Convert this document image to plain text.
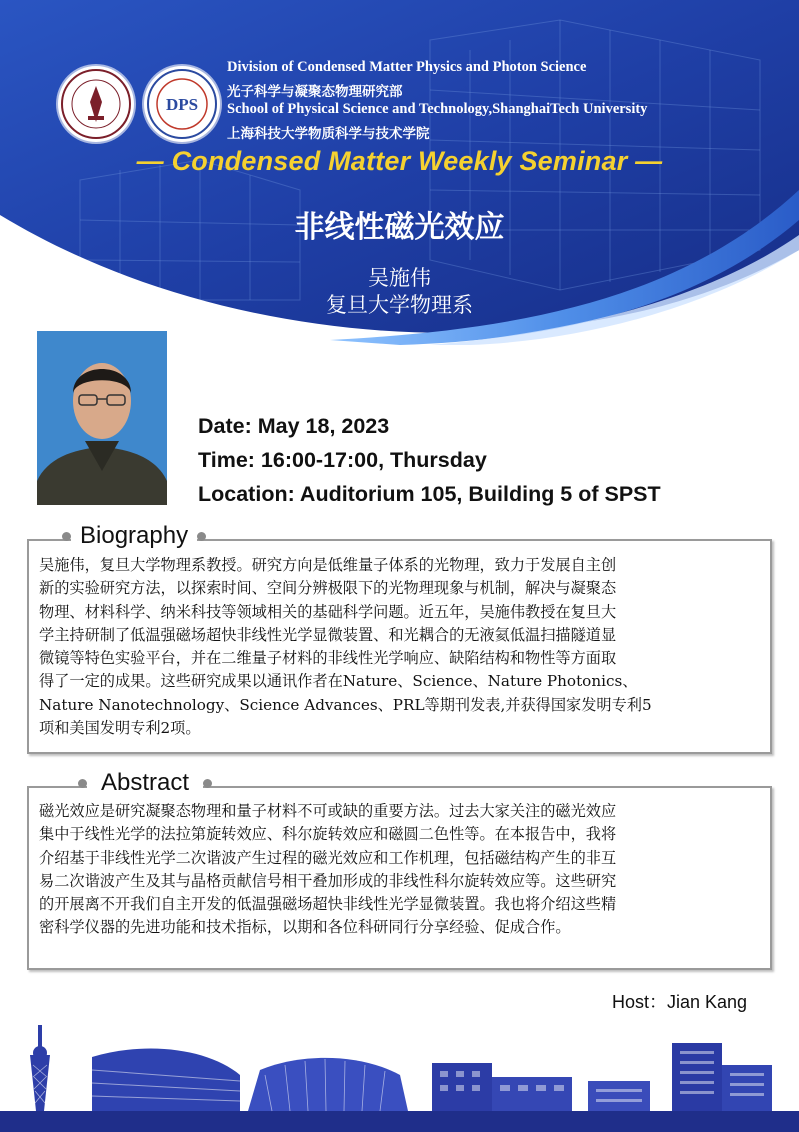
DPS
Division of Condensed Matter Physics and Photon Science
光子科学与凝聚态物理研究部
School of Physical Science and Technology,ShanghaiTech University
上海科技大学物质科学与技术学院
— Condensed Matter Weekly Seminar —
非线性磁光效应
吴施伟
复旦大学物理系
Date: May 18, 2023
Time: 16:00-17:00, Thursday
Location: Auditorium 105, Building 5 of SPST
吴施伟，复旦大学物理系教授。研究方向是低维量子体系的光物理，致力于发展自主创
新的实验研究方法，以探索时间、空间分辨极限下的光物理现象与机制，解决与凝聚态
物理、材料科学、纳米科技等领域相关的基础科学问题。近五年，吴施伟教授在复旦大
学主持研制了低温强磁场超快非线性光学显微装置、和光耦合的无液氦低温扫描隧道显
微镜等特色实验平台，并在二维量子材料的非线性光学响应、缺陷结构和物性等方面取
得了一定的成果。这些研究成果以通讯作者在Nature、Science、Nature Photonics、
Nature Nanotechnology、Science Advances、PRL等期刊发表,并获得国家发明专利5
项和美国发明专利2项。
Biography
磁光效应是研究凝聚态物理和量子材料不可或缺的重要方法。过去大家关注的磁光效应
集中于线性光学的法拉第旋转效应、科尔旋转效应和磁圆二色性等。在本报告中，我将
介绍基于非线性光学二次谐波产生过程的磁光效应和工作机理，包括磁结构产生的非互
易二次谐波产生及其与晶格贡献信号相干叠加形成的非线性科尔旋转效应等。这些研究
的开展离不开我们自主开发的低温强磁场超快非线性光学显微装置。我也将介绍这些精
密科学仪器的先进功能和技术指标，以期和各位科研同行分享经验、促成合作。
Abstract
Host：Jian Kang
